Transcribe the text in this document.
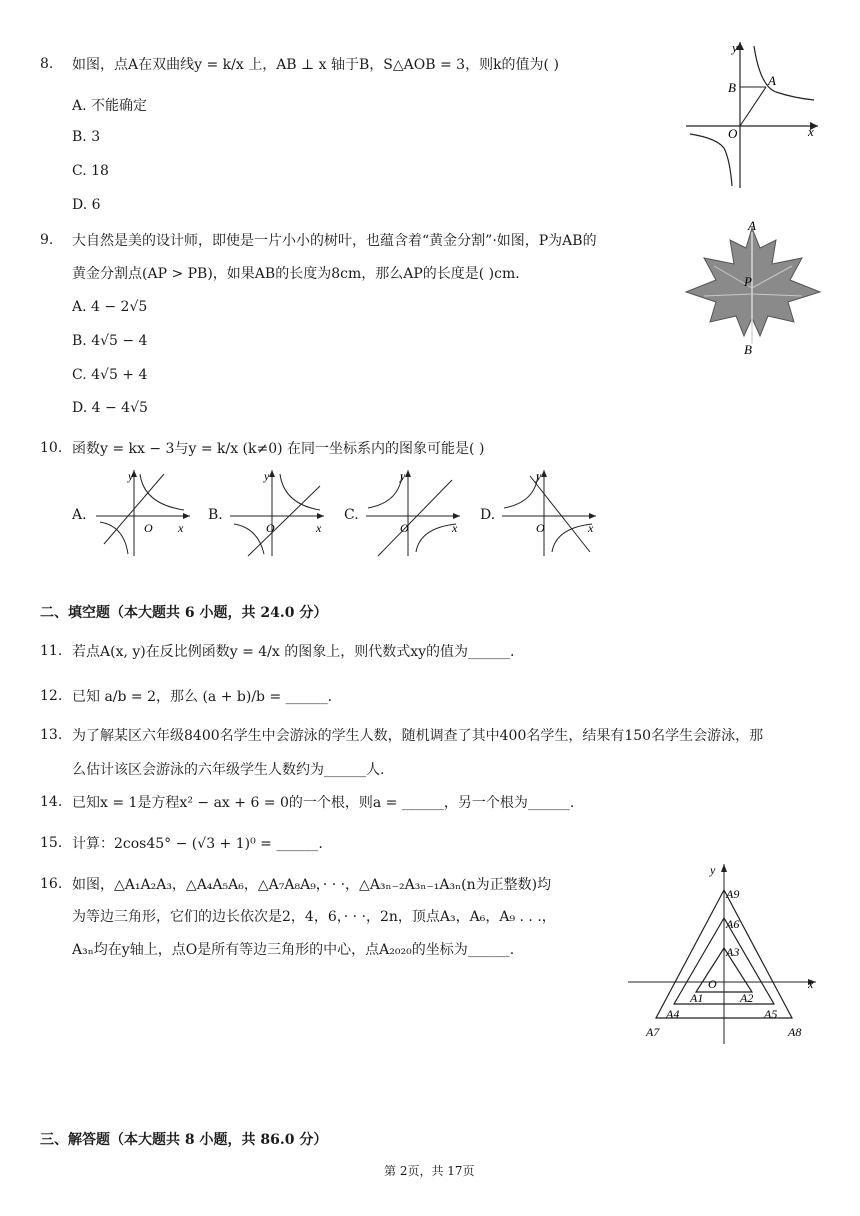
8. 如图，点A在双曲线y = k/x 上，AB ⊥ x 轴于B，S△AOB = 3，则k的值为( )
A. 不能确定
B. 3
C. 18
D. 6
y
B A
O	x
9. 大自然是美的设计师，即使是一片小小的树叶，也蕴含着“黄金分割”·如图，P为AB的
黄金分割点(AP > PB)，如果AB的长度为8cm，那么AP的长度是( )cm．
A. 4 − 2√5
B. 4√5 − 4
C. 4√5 + 4
D. 4 − 4√5
A
P
B
10. 函数y = kx − 3与y = k/x (k≠0) 在同一坐标系内的图象可能是( )
A.
y
O x
B.
y
O	x
C.
y
O	x
D.
y
O	x
二、填空题（本大题共 6 小题，共 24.0 分）
11. 若点A(x, y)在反比例函数y = 4/x 的图象上，则代数式xy的值为______.
12. 已知 a/b = 2，那么 (a + b)/b = ______.
13. 为了解某区六年级8400名学生中会游泳的学生人数，随机调查了其中400名学生，结果有150名学生会游泳，那
么估计该区会游泳的六年级学生人数约为______人.
14. 已知x = 1是方程x² − ax + 6 = 0的一个根，则a = ______，另一个根为______.
15. 计算：2cos45° − (√3 + 1)⁰ = ______.
16. 如图，△A₁A₂A₃，△A₄A₅A₆，△A₇A₈A₉，· · ·，△A₃ₙ₋₂A₃ₙ₋₁A₃ₙ(n为正整数)均
为等边三角形，它们的边长依次是2，4，6，· · ·，2n，顶点A₃，A₆，A₉ . . .，
A₃ₙ均在y轴上，点O是所有等边三角形的中心，点A₂₀₂₀的坐标为______.
y
A9
A6
A3
O	x
A1	A2
A4	A5
A7	A8
三、解答题（本大题共 8 小题，共 86.0 分）
第 2页，共 17页
